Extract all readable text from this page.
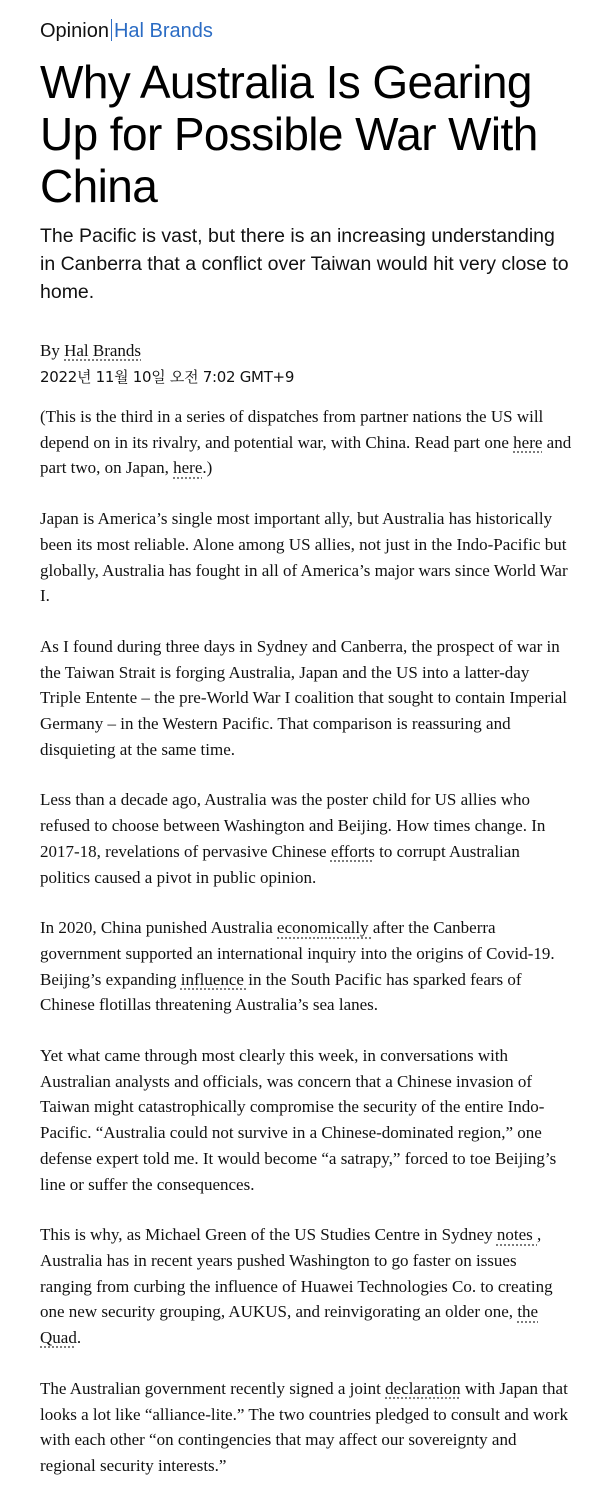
Opinion Hal Brands
Why Australia Is Gearing Up for Possible War With China

The Pacific is vast, but there is an increasing understanding in Canberra that a conflict over Taiwan would hit very close to home.

By Hal Brands
2022년 11월 10일 오전 7:02 GMT+9

(This is the third in a series of dispatches from partner nations the US will depend on in its rivalry, and potential war, with China. Read part one here and part two, on Japan, here.)

Japan is America’s single most important ally, but Australia has historically been its most reliable. Alone among US allies, not just in the Indo-Pacific but globally, Australia has fought in all of America’s major wars since World War I.

As I found during three days in Sydney and Canberra, the prospect of war in the Taiwan Strait is forging Australia, Japan and the US into a latter-day Triple Entente – the pre-World War I coalition that sought to contain Imperial Germany – in the Western Pacific. That comparison is reassuring and disquieting at the same time.

Less than a decade ago, Australia was the poster child for US allies who refused to choose between Washington and Beijing. How times change. In 2017-18, revelations of pervasive Chinese efforts to corrupt Australian politics caused a pivot in public opinion.

In 2020, China punished Australia economically after the Canberra government supported an international inquiry into the origins of Covid-19. Beijing’s expanding influence in the South Pacific has sparked fears of Chinese flotillas threatening Australia’s sea lanes.

Yet what came through most clearly this week, in conversations with Australian analysts and officials, was concern that a Chinese invasion of Taiwan might catastrophically compromise the security of the entire Indo-Pacific. “Australia could not survive in a Chinese-dominated region,” one defense expert told me. It would become “a satrapy,” forced to toe Beijing’s line or suffer the consequences.

This is why, as Michael Green of the US Studies Centre in Sydney notes , Australia has in recent years pushed Washington to go faster on issues ranging from curbing the influence of Huawei Technologies Co. to creating one new security grouping, AUKUS, and reinvigorating an older one, the Quad.

The Australian government recently signed a joint declaration with Japan that looks a lot like “alliance-lite.” The two countries pledged to consult and work with each other “on contingencies that may affect our sovereignty and regional security interests.”
